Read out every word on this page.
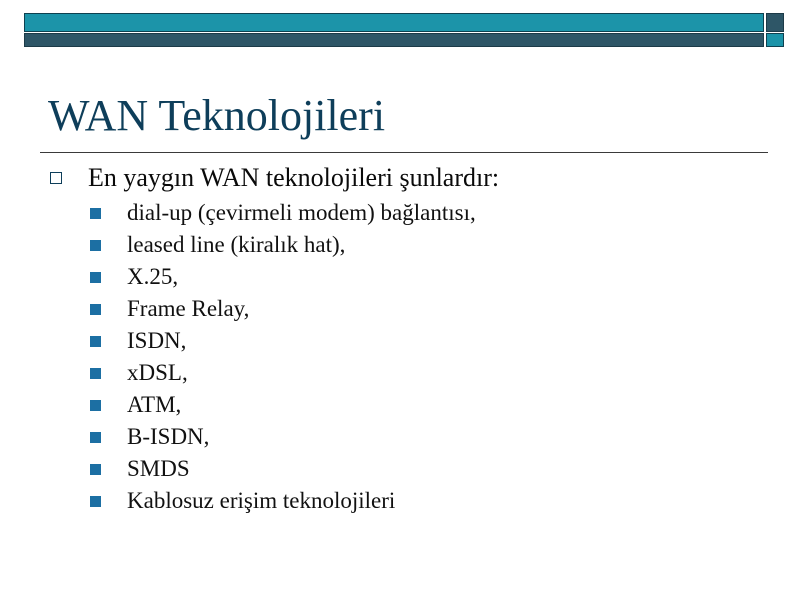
WAN Teknolojileri
En yaygın WAN teknolojileri şunlardır:
dial-up (çevirmeli modem) bağlantısı,
leased line (kiralık hat),
X.25,
Frame Relay,
ISDN,
xDSL,
ATM,
B-ISDN,
SMDS
Kablosuz erişim teknolojileri
